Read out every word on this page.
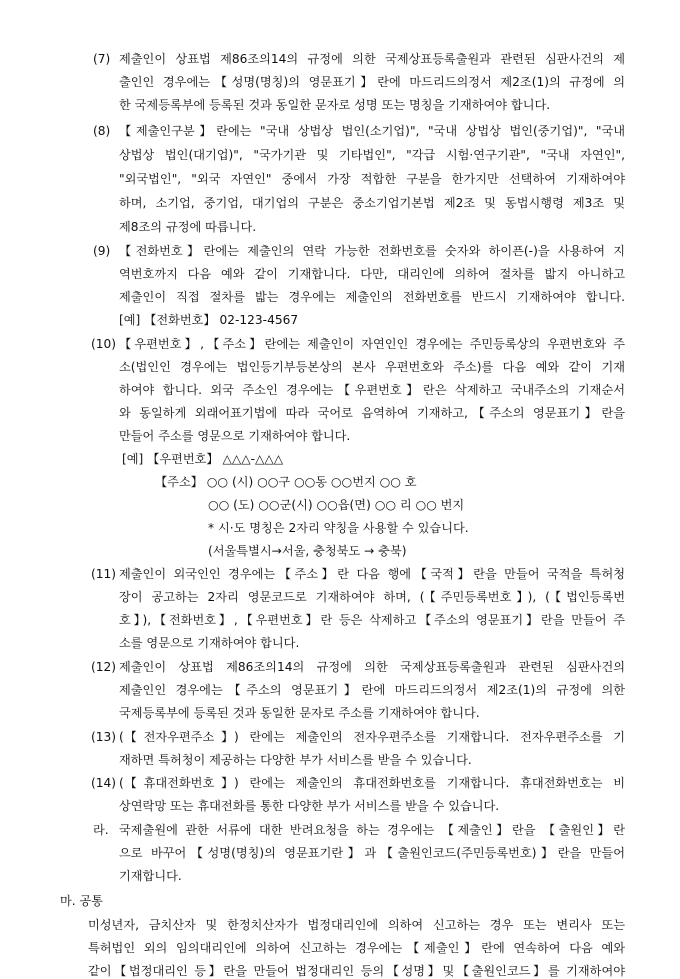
(7) 제출인이 상표법 제86조의14의 규정에 의한 국제상표등록출원과 관련된 심판사건의 제
출인인 경우에는【성명(명칭)의 영문표기】란에 마드리드의정서 제2조(1)의 규정에 의
한 국제등록부에 등록된 것과 동일한 문자로 성명 또는 명칭을 기재하여야 합니다.
(8) 【제출인구분】란에는 "국내 상법상 법인(소기업)", "국내 상법상 법인(중기업)", "국내
상법상 법인(대기업)", "국가기관 및 기타법인", "각급 시험·연구기관", "국내 자연인",
"외국법인", "외국 자연인" 중에서 가장 적합한 구분을 한가지만 선택하여 기재하여야
하며, 소기업, 중기업, 대기업의 구분은 중소기업기본법 제2조 및 동법시행령 제3조 및
제8조의 규정에 따릅니다.
(9) 【전화번호】란에는 제출인의 연락 가능한 전화번호를 숫자와 하이픈(-)을 사용하여 지
역번호까지 다음 예와 같이 기재합니다. 다만, 대리인에 의하여 절차를 밟지 아니하고
제출인이 직접 절차를 밟는 경우에는 제출인의 전화번호를 반드시 기재하여야 합니다.
[예] 【전화번호】 02-123-4567
(10) 【우편번호】,【주소】란에는 제출인이 자연인인 경우에는 주민등록상의 우편번호와 주
소(법인인 경우에는 법인등기부등본상의 본사 우편번호와 주소)를 다음 예와 같이 기재
하여야 합니다. 외국 주소인 경우에는【우편번호】란은 삭제하고 국내주소의 기재순서
와 동일하게 외래어표기법에 따라 국어로 음역하여 기재하고,【주소의 영문표기】란을
만들어 주소를 영문으로 기재하여야 합니다.
[예] 【우편번호】 △△△-△△△
【주소】 ○○ (시) ○○구 ○○동 ○○번지 ○○ 호
○○ (도) ○○군(시) ○○읍(면) ○○ 리 ○○ 번지
* 시·도 명칭은 2자리 약칭을 사용할 수 있습니다.
(서울특별시→서울, 충청북도 → 충북)
(11) 제출인이 외국인인 경우에는【주소】란 다음 행에【국적】란을 만들어 국적을 특허청
장이 공고하는 2자리 영문코드로 기재하여야 하며, (【주민등록번호】), (【법인등록번
호】),【전화번호】,【우편번호】란 등은 삭제하고【주소의 영문표기】란을 만들어 주
소를 영문으로 기재하여야 합니다.
(12) 제출인이 상표법 제86조의14의 규정에 의한 국제상표등록출원과 관련된 심판사건의
제출인인 경우에는【주소의 영문표기】란에 마드리드의정서 제2조(1)의 규정에 의한
국제등록부에 등록된 것과 동일한 문자로 주소를 기재하여야 합니다.
(13) (【전자우편주소】) 란에는 제출인의 전자우편주소를 기재합니다. 전자우편주소를 기
재하면 특허청이 제공하는 다양한 부가 서비스를 받을 수 있습니다.
(14) (【휴대전화번호】) 란에는 제출인의 휴대전화번호를 기재합니다. 휴대전화번호는 비
상연락망 또는 휴대전화를 통한 다양한 부가 서비스를 받을 수 있습니다.
라. 국제출원에 관한 서류에 대한 반려요청을 하는 경우에는 【제출인】란을 【출원인】란
으로 바꾸어【성명(명칭)의 영문표기란】과【출원인코드(주민등록번호)】란을 만들어
기재합니다.
마. 공통
미성년자, 금치산자 및 한정치산자가 법정대리인에 의하여 신고하는 경우 또는 변리사 또는
특허법인 외의 임의대리인에 의하여 신고하는 경우에는【제출인】란에 연속하여 다음 예와
같이【법정대리인 등】란을 만들어 법정대리인 등의【성명】및【출원인코드】를 기재하여야
